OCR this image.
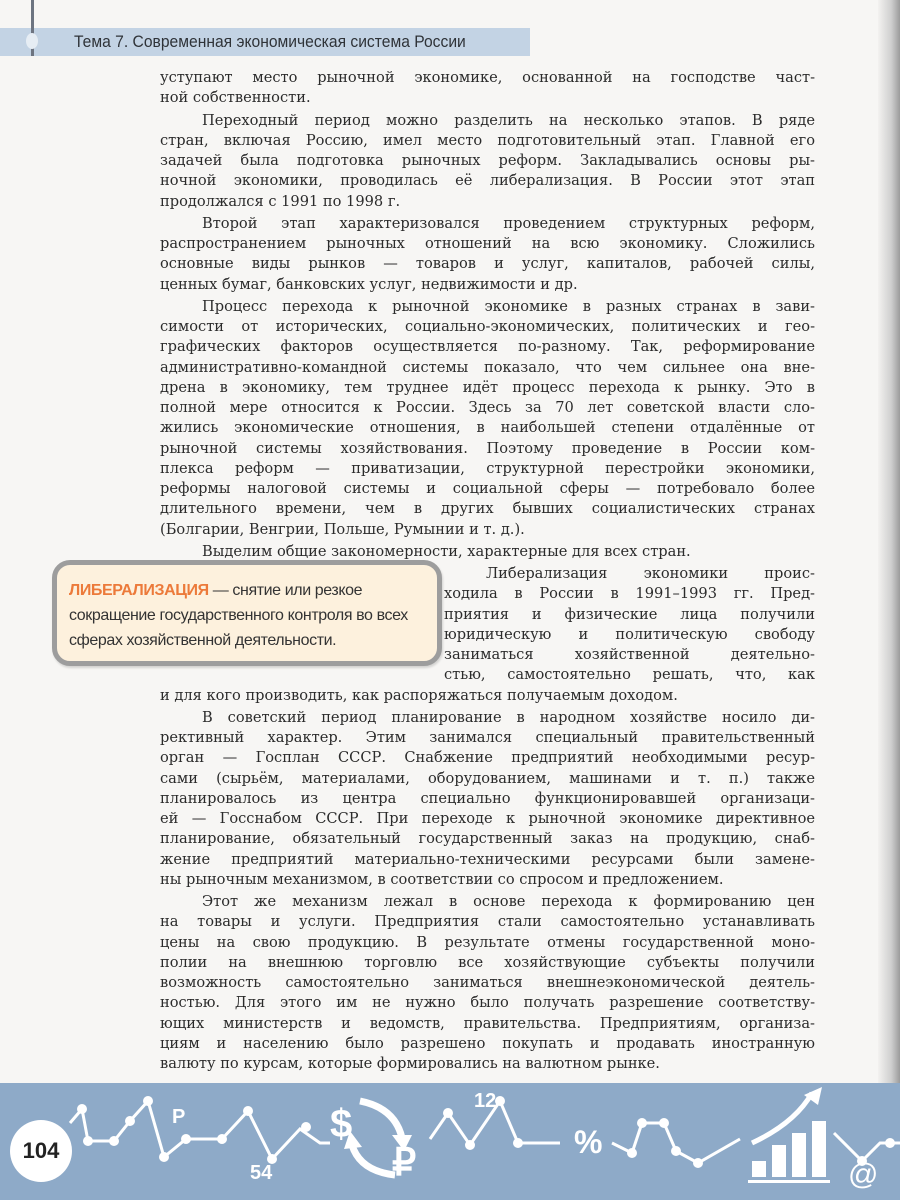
Тема 7. Современная экономическая система России
уступают место рыночной экономике, основанной на господстве част-
ной собственности.
Переходный период можно разделить на несколько этапов. В ряде
стран, включая Россию, имел место подготовительный этап. Главной его
задачей была подготовка рыночных реформ. Закладывались основы ры-
ночной экономики, проводилась её либерализация. В России этот этап
продолжался с 1991 по 1998 г.
Второй этап характеризовался проведением структурных реформ,
распространением рыночных отношений на всю экономику. Сложились
основные виды рынков — товаров и услуг, капиталов, рабочей силы,
ценных бумаг, банковских услуг, недвижимости и др.
Процесс перехода к рыночной экономике в разных странах в зави-
симости от исторических, социально-экономических, политических и гео-
графических факторов осуществляется по-разному. Так, реформирование
административно-командной системы показало, что чем сильнее она вне-
дрена в экономику, тем труднее идёт процесс перехода к рынку. Это в
полной мере относится к России. Здесь за 70 лет советской власти сло-
жились экономические отношения, в наибольшей степени отдалённые от
рыночной системы хозяйствования. Поэтому проведение в России ком-
плекса реформ — приватизации, структурной перестройки экономики,
реформы налоговой системы и социальной сферы — потребовало более
длительного времени, чем в других бывших социалистических странах
(Болгарии, Венгрии, Польше, Румынии и т. д.).
Выделим общие закономерности, характерные для всех стран.
Либерализация экономики проис-
ходила в России в 1991–1993 гг. Пред-
приятия и физические лица получили
юридическую и политическую свободу
заниматься хозяйственной деятельно-
стью, самостоятельно решать, что, как
и для кого производить, как распоряжаться получаемым доходом.
В советский период планирование в народном хозяйстве носило ди-
рективный характер. Этим занимался специальный правительственный
орган — Госплан СССР. Снабжение предприятий необходимыми ресур-
сами (сырьём, материалами, оборудованием, машинами и т. п.) также
планировалось из центра специально функционировавшей организаци-
ей — Госснабом СССР. При переходе к рыночной экономике директивное
планирование, обязательный государственный заказ на продукцию, снаб-
жение предприятий материально-техническими ресурсами были замене-
ны рыночным механизмом, в соответствии со спросом и предложением.
Этот же механизм лежал в основе перехода к формированию цен
на товары и услуги. Предприятия стали самостоятельно устанавливать
цены на свою продукцию. В результате отмены государственной моно-
полии на внешнюю торговлю все хозяйствующие субъекты получили
возможность самостоятельно заниматься внешнеэкономической деятель-
ностью. Для этого им не нужно было получать разрешение соответству-
ющих министерств и ведомств, правительства. Предприятиям, организа-
циям и населению было разрешено покупать и продавать иностранную
валюту по курсам, которые формировались на валютном рынке.
ЛИБЕРАЛИЗАЦИЯ — снятие или резкое сокращение государственного контроля во всех сферах хозяйственной деятельности.
Р
54
$
₽
12
%
@
104
